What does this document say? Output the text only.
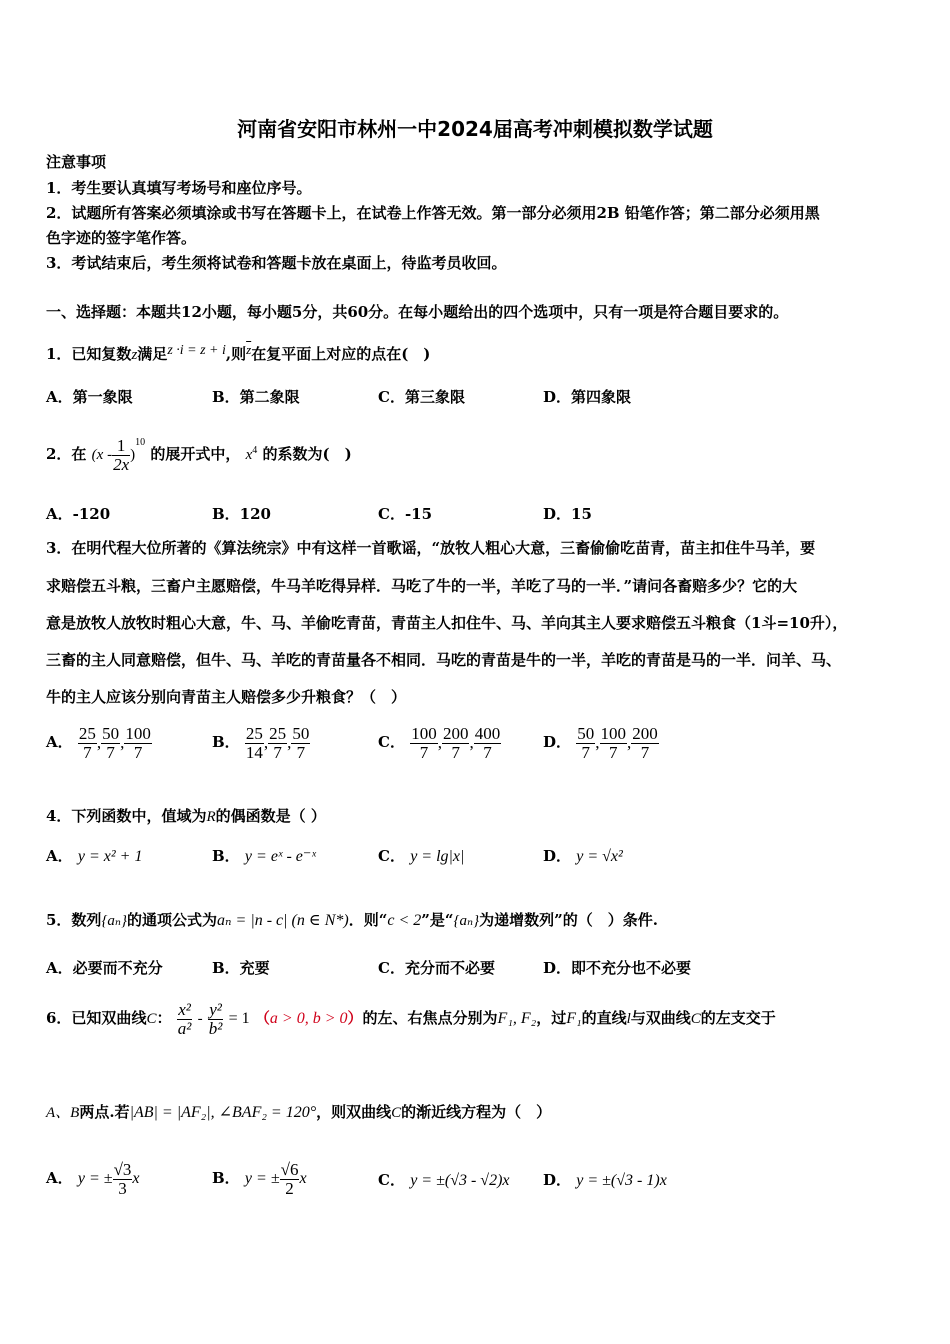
河南省安阳市林州一中2024届高考冲刺模拟数学试题
注意事项
1．考生要认真填写考场号和座位序号。
2．试题所有答案必须填涂或书写在答题卡上，在试卷上作答无效。第一部分必须用2B 铅笔作答；第二部分必须用黑
色字迹的签字笔作答。
3．考试结束后，考生须将试卷和答题卡放在桌面上，待监考员收回。
一、选择题：本题共12小题，每小题5分，共60分。在每小题给出的四个选项中，只有一项是符合题目要求的。
1．已知复数z满足z ·i = z + i,则$\overline{z}$在复平面上对应的点在(　)
A．第一象限	B．第二象限	C．第三象限	D．第四象限
2．在 $(x - \frac{1}{2x} )^{10}$ 的展开式中， $x^4$ 的系数为(　)
A．-120	B．120	C．-15	D．15
3．在明代程大位所著的《算法统宗》中有这样一首歌谣，“放牧人粗心大意，三畜偷偷吃苗青，苗主扣住牛马羊，要
求赔偿五斗粮，三畜户主愿赔偿，牛马羊吃得异样．马吃了牛的一半，羊吃了马的一半．”请问各畜赔多少？它的大
意是放牧人放牧时粗心大意，牛、马、羊偷吃青苗，青苗主人扣住牛、马、羊向其主人要求赔偿五斗粮食（1斗=10升），
三畜的主人同意赔偿，但牛、马、羊吃的青苗量各不相同．马吃的青苗是牛的一半，羊吃的青苗是马的一半．问羊、马、
牛的主人应该分别向青苗主人赔偿多少升粮食？（　）
A． $\frac{25}{7}$ , $\frac{50}{7}$ , $\frac{100}{7}$	B． $\frac{25}{14}$ , $\frac{25}{7}$ , $\frac{50}{7}$	C． $\frac{100}{7}$ , $\frac{200}{7}$ , $\frac{400}{7}$	D． $\frac{50}{7}$ , $\frac{100}{7}$ , $\frac{200}{7}$
4．下列函数中，值域为R的偶函数是（ ）
A． y = x² + 1	B． y = eˣ - e⁻ˣ	C． y = lg|x|	D． y = √x²
5．数列{aₙ}的通项公式为aₙ = |n - c| (n ∈ N*)．则“c < 2”是“{aₙ}为递增数列”的（　）条件.
A．必要而不充分	B．充要	C．充分而不必要	D．即不充分也不必要
6．已知双曲线C： $\frac{\text{x²}}{\text{a²}} - \frac{\text{y²}}{\text{b²}} = 1$ （a > 0, b > 0）的左、右焦点分别为F₁, F₂，过F₁的直线l与双曲线C的左支交于
A、B两点.若|AB| = |AF₂|, ∠BAF₂ = 120°，则双曲线C的渐近线方程为（　）
A． y = ± $\frac{√3}{3}$ x	B． y = ± $\frac{√6}{2}$ x	C． y = ±(√3 - √2)x D． y = ±(√3 - 1)x
